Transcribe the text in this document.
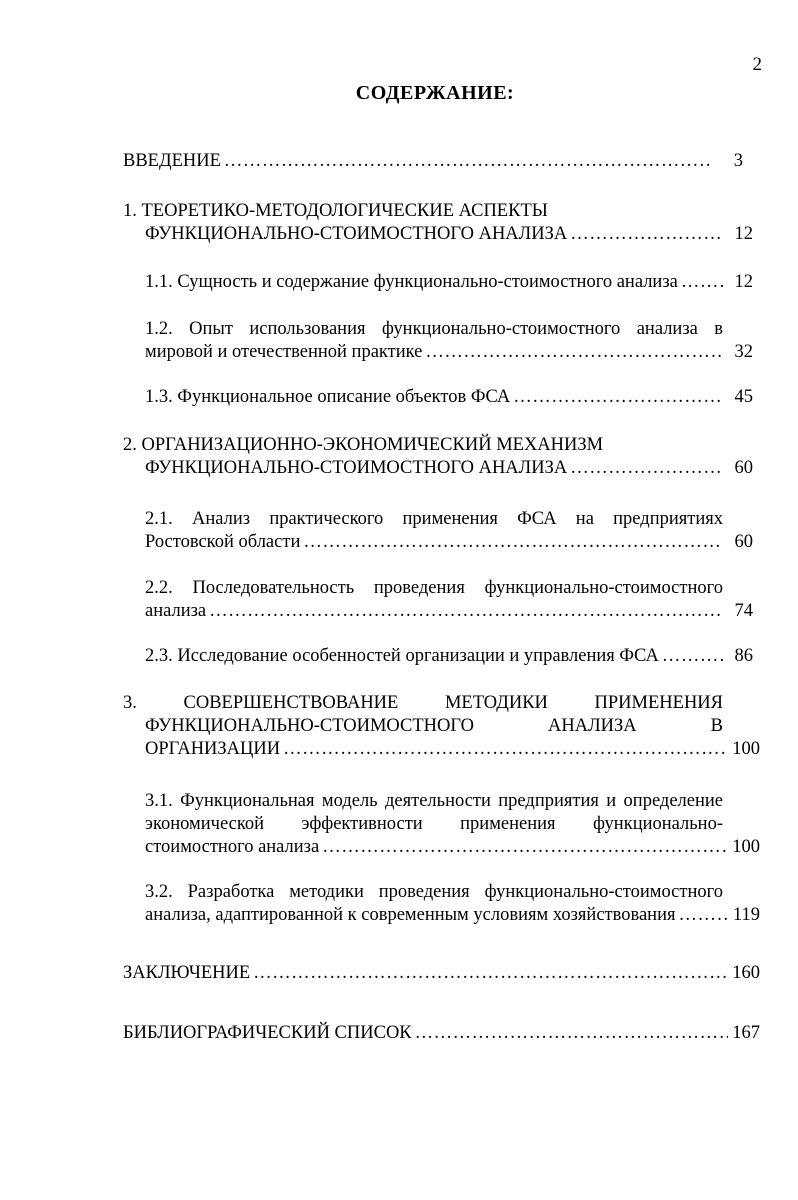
2
СОДЕРЖАНИЕ:
ВВЕДЕНИЕ ……………………………………………………………………………………………………………………………………………………………	3
1. ТЕОРЕТИКО-МЕТОДОЛОГИЧЕСКИЕ АСПЕКТЫ
ФУНКЦИОНАЛЬНО-СТОИМОСТНОГО АНАЛИЗА ……………………………………………………………………………………………………………………………………………………………	12
1.1. Сущность и содержание функционально-стоимостного анализа ……………………………………………………………………………………………………………………………………………………………	12
1.2. Опыт использования функционально-стоимостного анализа в
мировой и отечественной практике ……………………………………………………………………………………………………………………………………………………………	32
1.3. Функциональное описание объектов ФСА ……………………………………………………………………………………………………………………………………………………………	45
2. ОРГАНИЗАЦИОННО-ЭКОНОМИЧЕСКИЙ МЕХАНИЗМ
ФУНКЦИОНАЛЬНО-СТОИМОСТНОГО АНАЛИЗА ……………………………………………………………………………………………………………………………………………………………	60
2.1. Анализ практического применения ФСА на предприятиях
Ростовской области ……………………………………………………………………………………………………………………………………………………………	60
2.2. Последовательность проведения функционально-стоимостного
анализа ……………………………………………………………………………………………………………………………………………………………	74
2.3. Исследование особенностей организации и управления ФСА ……………………………………………………………………………………………………………………………………………………………	86
3. СОВЕРШЕНСТВОВАНИЕ МЕТОДИКИ ПРИМЕНЕНИЯ
ФУНКЦИОНАЛЬНО-СТОИМОСТНОГО АНАЛИЗА В
ОРГАНИЗАЦИИ ……………………………………………………………………………………………………………………………………………………………	100
3.1. Функциональная модель деятельности предприятия и определение
экономической эффективности применения функционально-
стоимостного анализа ……………………………………………………………………………………………………………………………………………………………	100
3.2. Разработка методики проведения функционально-стоимостного
анализа, адаптированной к современным условиям хозяйствования ……………………………………………………………………………………………………………………………………………………………	119
ЗАКЛЮЧЕНИЕ ……………………………………………………………………………………………………………………………………………………………	160
БИБЛИОГРАФИЧЕСКИЙ СПИСОК ……………………………………………………………………………………………………………………………………………………………	167
